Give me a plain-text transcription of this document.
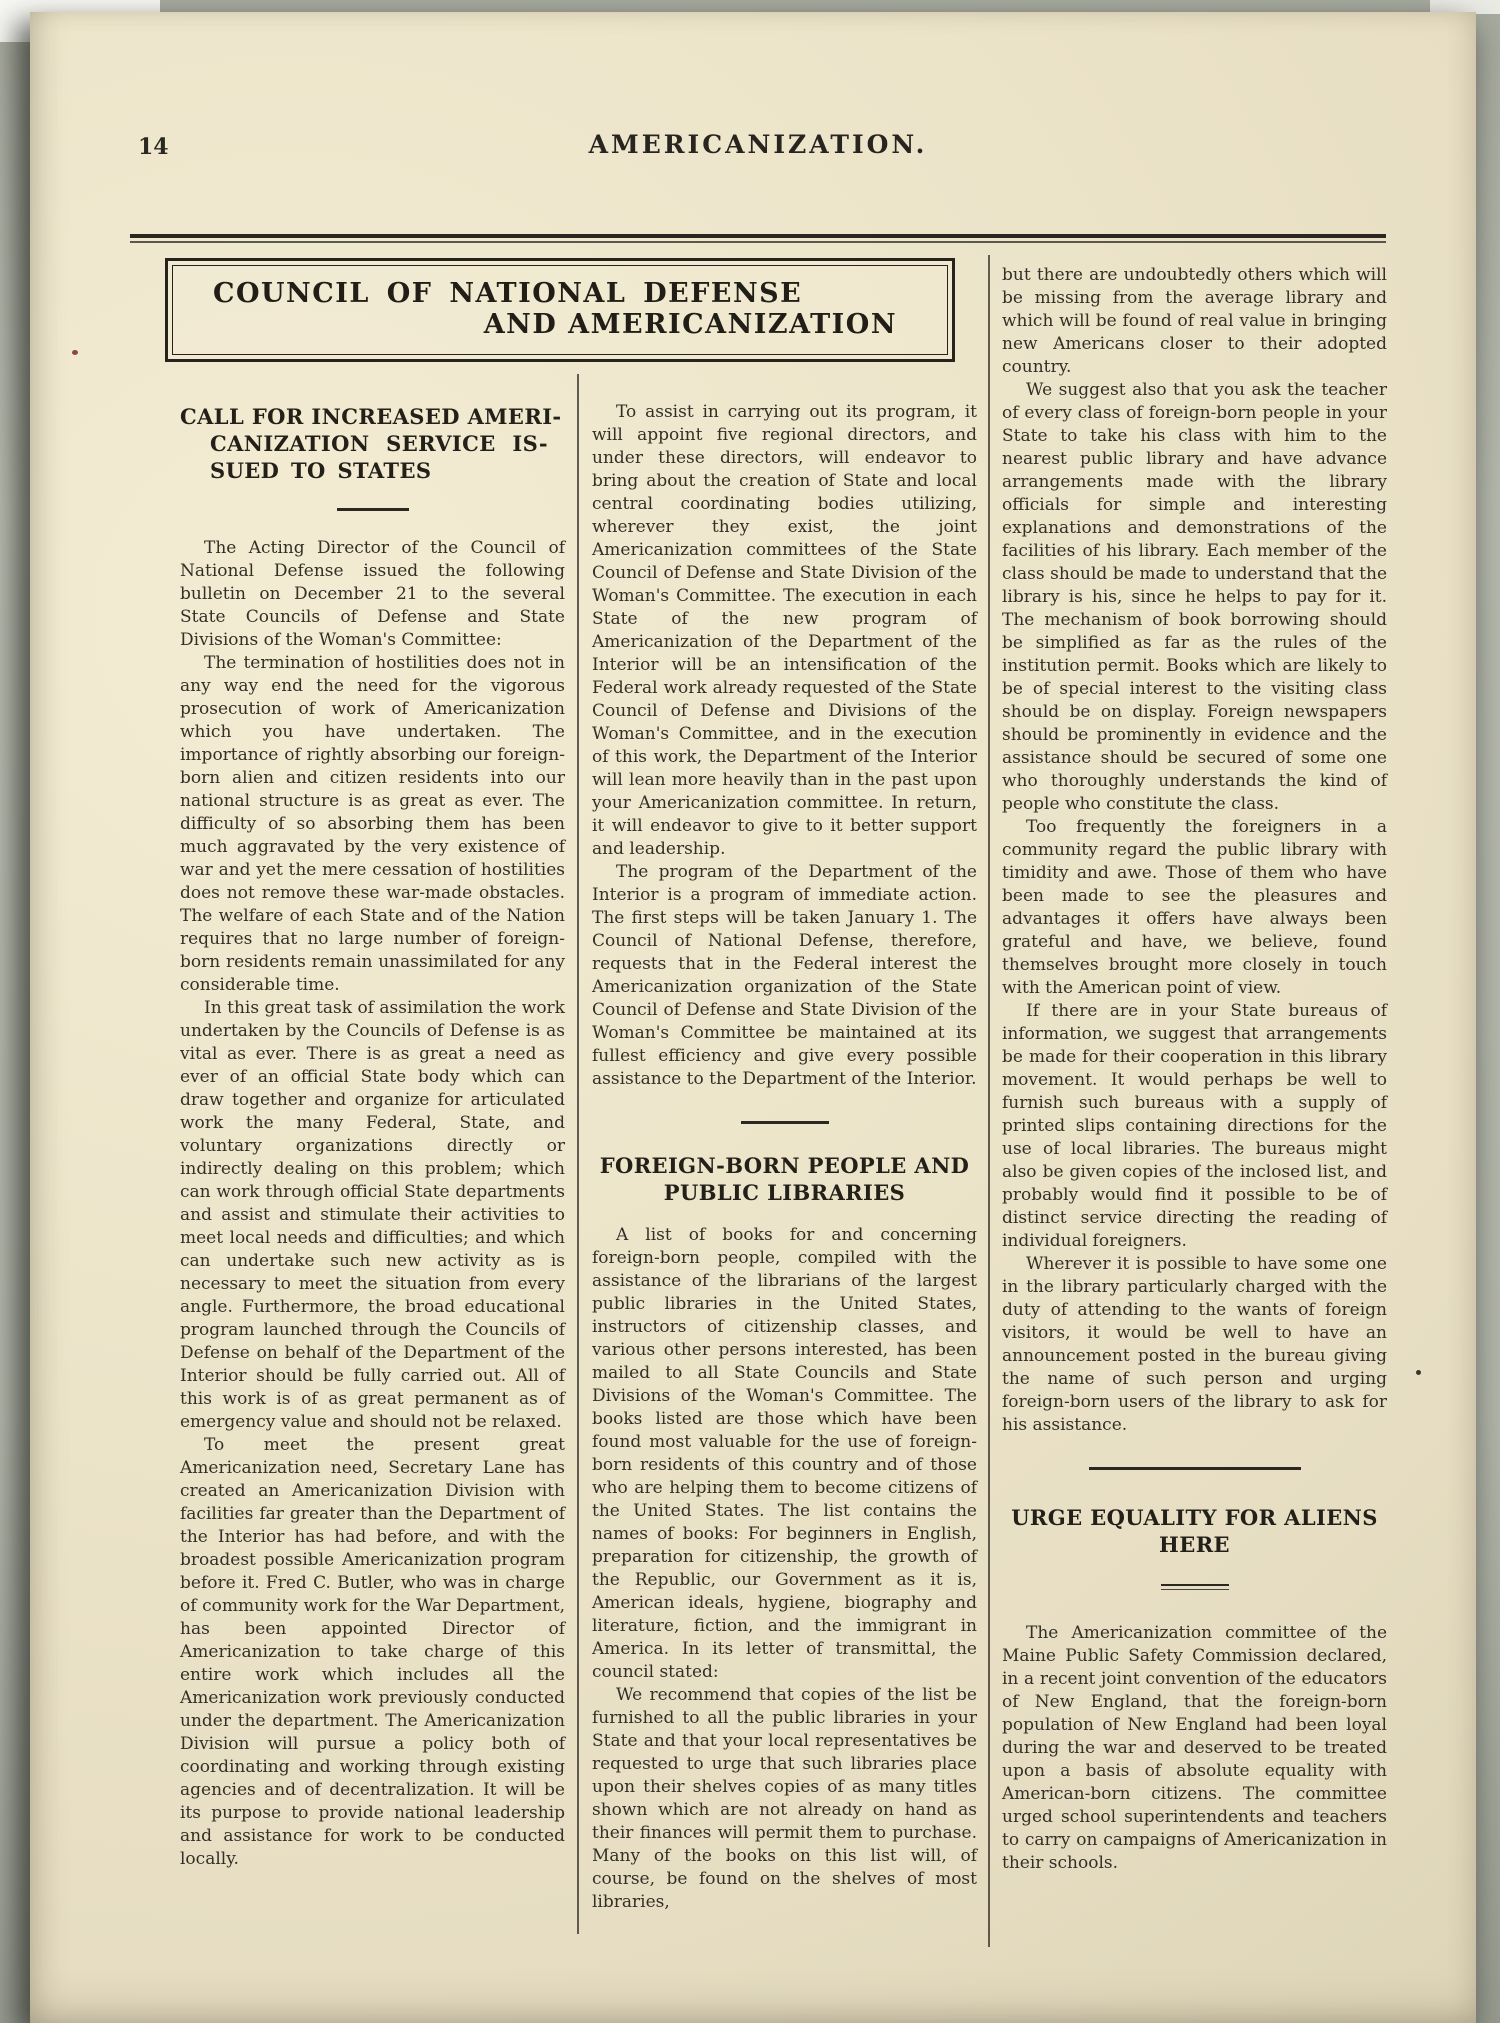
14	AMERICANIZATION.
COUNCIL OF NATIONAL DEFENSE
AND AMERICANIZATION
CALL FOR INCREASED AMERI-
CANIZATION SERVICE IS-
SUED TO STATES

The Acting Director of the Council of National Defense issued the following bulletin on December 21 to the several State Councils of Defense and State Divisions of the Woman's Committee:

The termination of hostilities does not in any way end the need for the vigorous prosecution of work of Americanization which you have undertaken. The importance of rightly absorbing our foreign-born alien and citizen residents into our national structure is as great as ever. The difficulty of so absorbing them has been much aggravated by the very existence of war and yet the mere cessation of hostilities does not remove these war-made obstacles. The welfare of each State and of the Nation requires that no large number of foreign-born residents remain unassimilated for any considerable time.

In this great task of assimilation the work undertaken by the Councils of Defense is as vital as ever. There is as great a need as ever of an official State body which can draw together and organize for articulated work the many Federal, State, and voluntary organizations directly or indirectly dealing on this problem; which can work through official State departments and assist and stimulate their activities to meet local needs and difficulties; and which can undertake such new activity as is necessary to meet the situation from every angle. Furthermore, the broad educational program launched through the Councils of Defense on behalf of the Department of the Interior should be fully carried out. All of this work is of as great permanent as of emergency value and should not be relaxed.

To meet the present great Americanization need, Secretary Lane has created an Americanization Division with facilities far greater than the Department of the Interior has had before, and with the broadest possible Americanization program before it. Fred C. Butler, who was in charge of community work for the War Department, has been appointed Director of Americanization to take charge of this entire work which includes all the Americanization work previously conducted under the department. The Americanization Division will pursue a policy both of coordinating and working through existing agencies and of decentralization. It will be its purpose to provide national leadership and assistance for work to be conducted locally.

To assist in carrying out its program, it will appoint five regional directors, and under these directors, will endeavor to bring about the creation of State and local central coordinating bodies utilizing, wherever they exist, the joint Americanization committees of the State Council of Defense and State Division of the Woman's Committee. The execution in each State of the new program of Americanization of the Department of the Interior will be an intensification of the Federal work already requested of the State Council of Defense and Divisions of the Woman's Committee, and in the execution of this work, the Department of the Interior will lean more heavily than in the past upon your Americanization committee. In return, it will endeavor to give to it better support and leadership.

The program of the Department of the Interior is a program of immediate action. The first steps will be taken January 1. The Council of National Defense, therefore, requests that in the Federal interest the Americanization organization of the State Council of Defense and State Division of the Woman's Committee be maintained at its fullest efficiency and give every possible assistance to the Department of the Interior.

FOREIGN-BORN PEOPLE AND
PUBLIC LIBRARIES

A list of books for and concerning foreign-born people, compiled with the assistance of the librarians of the largest public libraries in the United States, instructors of citizenship classes, and various other persons interested, has been mailed to all State Councils and State Divisions of the Woman's Committee. The books listed are those which have been found most valuable for the use of foreign-born residents of this country and of those who are helping them to become citizens of the United States. The list contains the names of books: For beginners in English, preparation for citizenship, the growth of the Republic, our Government as it is, American ideals, hygiene, biography and literature, fiction, and the immigrant in America. In its letter of transmittal, the council stated:

We recommend that copies of the list be furnished to all the public libraries in your State and that your local representatives be requested to urge that such libraries place upon their shelves copies of as many titles shown which are not already on hand as their finances will permit them to purchase. Many of the books on this list will, of course, be found on the shelves of most libraries,

but there are undoubtedly others which will be missing from the average library and which will be found of real value in bringing new Americans closer to their adopted country.

We suggest also that you ask the teacher of every class of foreign-born people in your State to take his class with him to the nearest public library and have advance arrangements made with the library officials for simple and interesting explanations and demonstrations of the facilities of his library. Each member of the class should be made to understand that the library is his, since he helps to pay for it. The mechanism of book borrowing should be simplified as far as the rules of the institution permit. Books which are likely to be of special interest to the visiting class should be on display. Foreign newspapers should be prominently in evidence and the assistance should be secured of some one who thoroughly understands the kind of people who constitute the class.

Too frequently the foreigners in a community regard the public library with timidity and awe. Those of them who have been made to see the pleasures and advantages it offers have always been grateful and have, we believe, found themselves brought more closely in touch with the American point of view.

If there are in your State bureaus of information, we suggest that arrangements be made for their cooperation in this library movement. It would perhaps be well to furnish such bureaus with a supply of printed slips containing directions for the use of local libraries. The bureaus might also be given copies of the inclosed list, and probably would find it possible to be of distinct service directing the reading of individual foreigners.

Wherever it is possible to have some one in the library particularly charged with the duty of attending to the wants of foreign visitors, it would be well to have an announcement posted in the bureau giving the name of such person and urging foreign-born users of the library to ask for his assistance.

URGE EQUALITY FOR ALIENS
HERE

The Americanization committee of the Maine Public Safety Commission declared, in a recent joint convention of the educators of New England, that the foreign-born population of New England had been loyal during the war and deserved to be treated upon a basis of absolute equality with American-born citizens. The committee urged school superintendents and teachers to carry on campaigns of Americanization in their schools.
